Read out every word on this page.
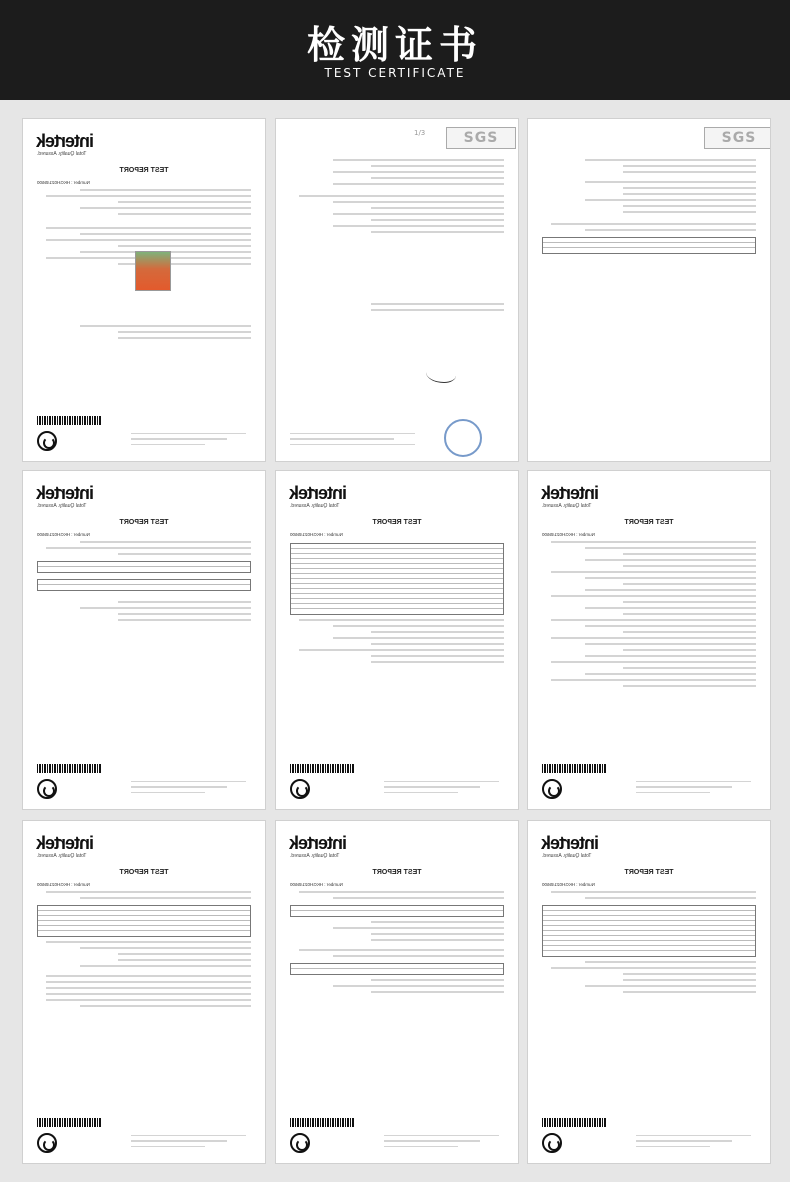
检测证书
TEST CERTIFICATE
intertek
Total Quality. Assured.
TEST REPORT
Number : HKGH02145600
SGS
1/3	SGS
intertek
Total Quality. Assured.
TEST REPORT
Number : HKGH02145600
intertek
Total Quality. Assured.
TEST REPORT
Number : HKGH02145600
intertek
Total Quality. Assured.
TEST REPORT
Number : HKGH02145600
intertek
Total Quality. Assured.
TEST REPORT
Number : HKGH02145600
intertek
Total Quality. Assured.
TEST REPORT
Number : HKGH02145600
intertek
Total Quality. Assured.
TEST REPORT
Number : HKGH02145600
